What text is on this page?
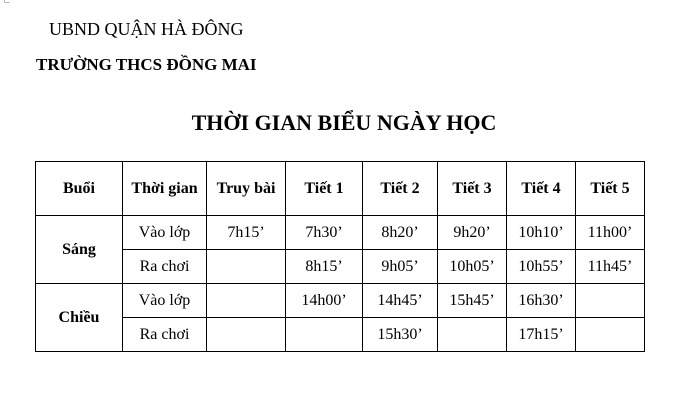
UBND QUẬN HÀ ĐÔNG
TRƯỜNG THCS ĐỒNG MAI
THỜI GIAN BIỂU NGÀY HỌC
Buổi	Thời gian	Truy bài	Tiết 1	Tiết 2	Tiết 3	Tiết 4	Tiết 5
Sáng	Vào lớp	7h15’	7h30’	8h20’	9h20’	10h10’	11h00’
	Ra chơi		8h15’	9h05’	10h05’	10h55’	11h45’
Chiều	Vào lớp		14h00’	14h45’	15h45’	16h30’	
	Ra chơi			15h30’		17h15’	
